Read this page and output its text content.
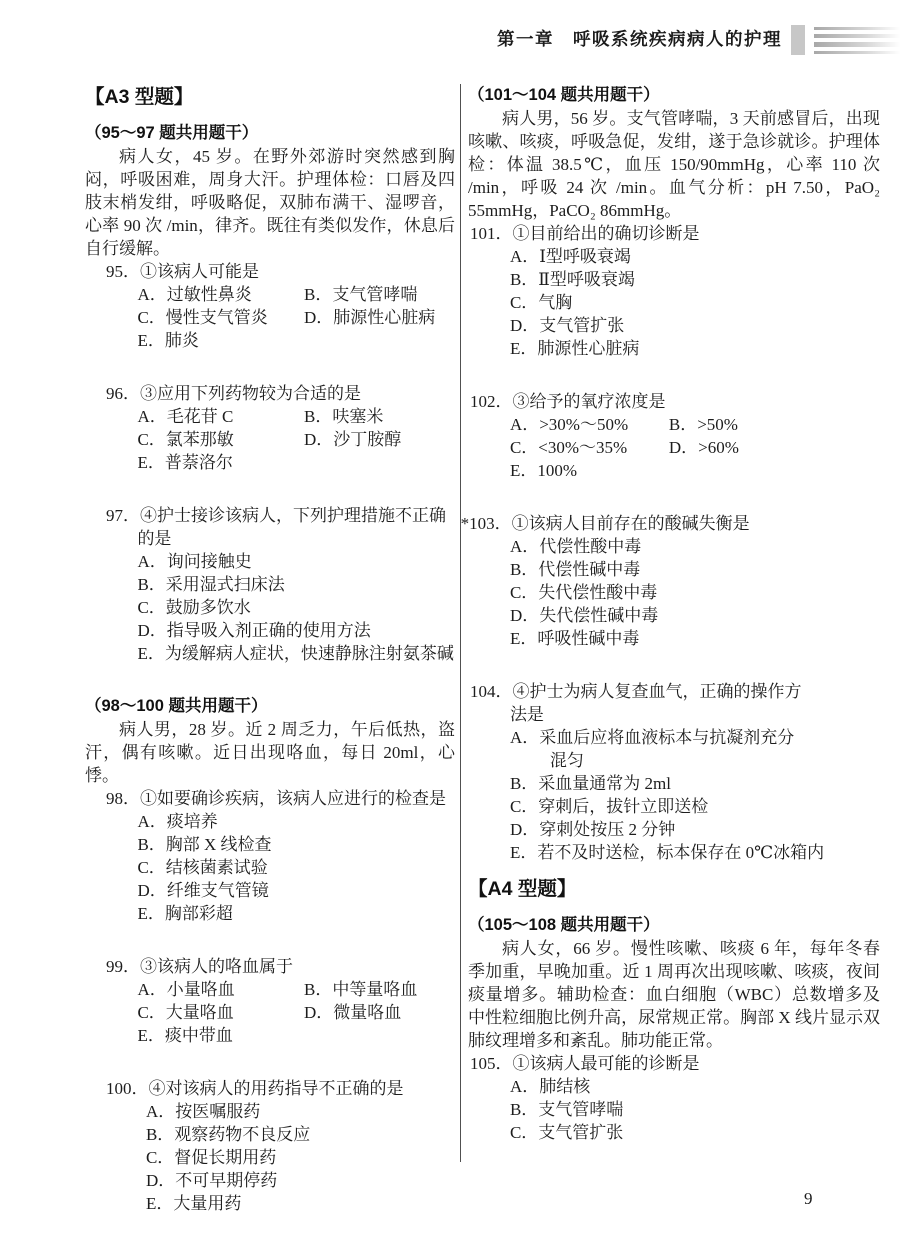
第一章　呼吸系统疾病病人的护理
【A3 型题】
（95～97 题共用题干）
病人女，45 岁。在野外郊游时突然感到胸闷，呼吸困难，周身大汗。护理体检：口唇及四肢末梢发绀，呼吸略促，双肺布满干、湿啰音，心率 90 次 /min，律齐。既往有类似发作，休息后自行缓解。
95．①该病人可能是
A．过敏性鼻炎	B．支气管哮喘
C．慢性支气管炎	D．肺源性心脏病
E．肺炎
96．③应用下列药物较为合适的是
A．毛花苷 C	B．呋塞米
C．氯苯那敏	D．沙丁胺醇
E．普萘洛尔
97．④护士接诊该病人，下列护理措施不正确的是
A．询问接触史
B．采用湿式扫床法
C．鼓励多饮水
D．指导吸入剂正确的使用方法
E．为缓解病人症状，快速静脉注射氨茶碱
（98～100 题共用题干）
病人男，28 岁。近 2 周乏力，午后低热，盗汗，偶有咳嗽。近日出现咯血，每日 20ml，心悸。
98．①如要确诊疾病，该病人应进行的检查是
A．痰培养
B．胸部 X 线检查
C．结核菌素试验
D．纤维支气管镜
E．胸部彩超
99．③该病人的咯血属于
A．小量咯血	B．中等量咯血
C．大量咯血	D．微量咯血
E．痰中带血
100．④对该病人的用药指导不正确的是
A．按医嘱服药
B．观察药物不良反应
C．督促长期用药
D．不可早期停药
E．大量用药
（101～104 题共用题干）
病人男，56 岁。支气管哮喘，3 天前感冒后，出现咳嗽、咳痰，呼吸急促，发绀，遂于急诊就诊。护理体检：体温 38.5℃，血压 150/90mmHg，心率 110 次 /min，呼吸 24 次 /min。血气分析：pH 7.50，PaO₂ 55mmHg，PaCO₂ 86mmHg。
101．①目前给出的确切诊断是
A．Ⅰ型呼吸衰竭
B．Ⅱ型呼吸衰竭
C．气胸
D．支气管扩张
E．肺源性心脏病
102．③给予的氧疗浓度是
A．>30%～50%	B．>50%
C．<30%～35%	D．>60%
E．100%
*103．①该病人目前存在的酸碱失衡是
A．代偿性酸中毒
B．代偿性碱中毒
C．失代偿性酸中毒
D．失代偿性碱中毒
E．呼吸性碱中毒
104．④护士为病人复查血气，正确的操作方法是
A．采血后应将血液标本与抗凝剂充分混匀
B．采血量通常为 2ml
C．穿刺后，拔针立即送检
D．穿刺处按压 2 分钟
E．若不及时送检，标本保存在 0℃冰箱内
【A4 型题】
（105～108 题共用题干）
病人女，66 岁。慢性咳嗽、咳痰 6 年，每年冬春季加重，早晚加重。近 1 周再次出现咳嗽、咳痰，夜间痰量增多。辅助检查：血白细胞（WBC）总数增多及中性粒细胞比例升高，尿常规正常。胸部 X 线片显示双肺纹理增多和紊乱。肺功能正常。
105．①该病人最可能的诊断是
A．肺结核
B．支气管哮喘
C．支气管扩张
9
